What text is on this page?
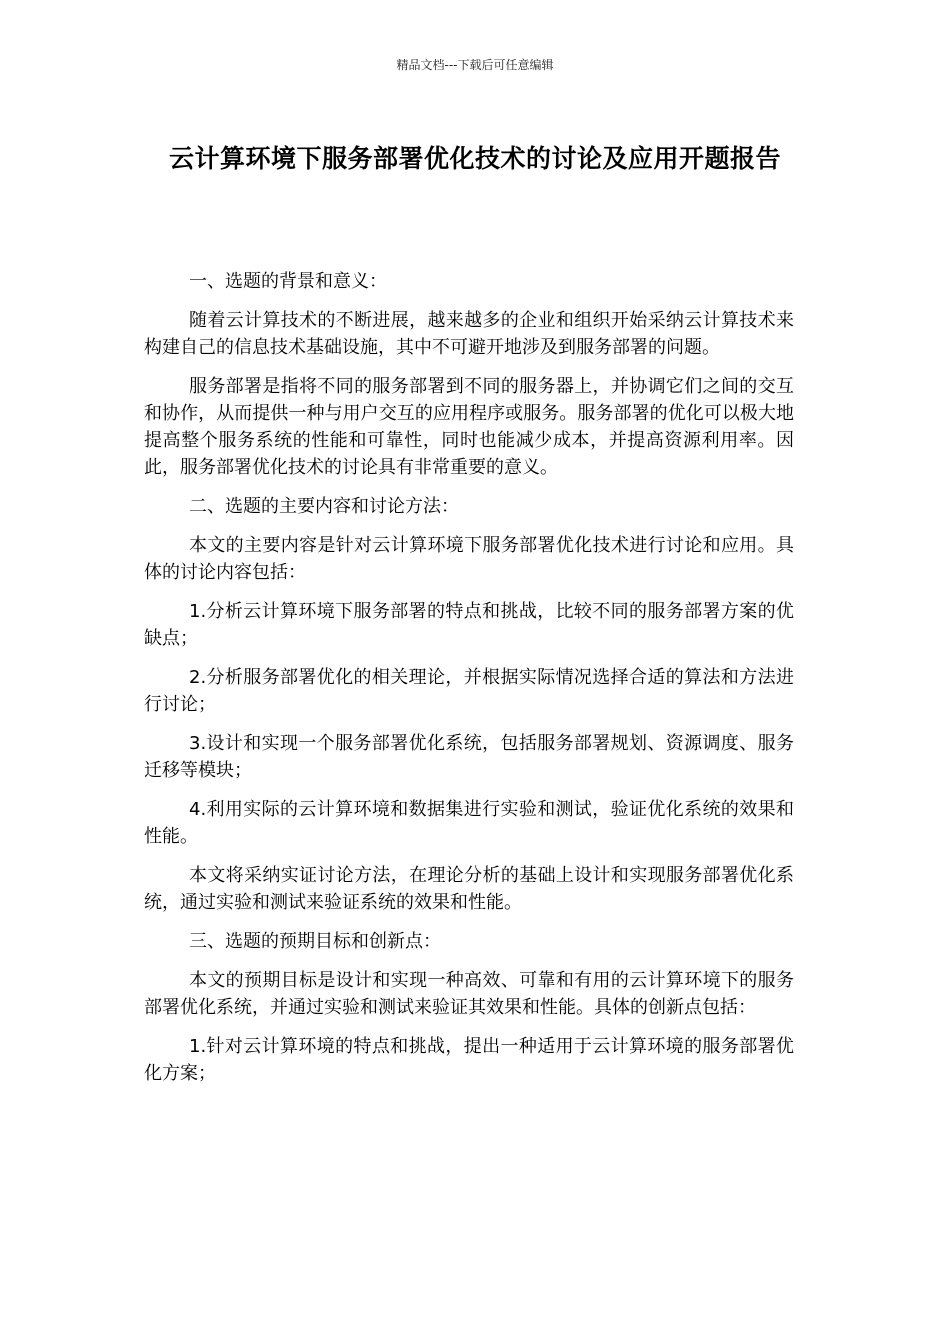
精品文档---下载后可任意编辑
云计算环境下服务部署优化技术的讨论及应用开题报告

一、选题的背景和意义：

随着云计算技术的不断进展，越来越多的企业和组织开始采纳云计算技术来构建自己的信息技术基础设施，其中不可避开地涉及到服务部署的问题。

服务部署是指将不同的服务部署到不同的服务器上，并协调它们之间的交互和协作，从而提供一种与用户交互的应用程序或服务。服务部署的优化可以极大地提高整个服务系统的性能和可靠性，同时也能减少成本，并提高资源利用率。因此，服务部署优化技术的讨论具有非常重要的意义。

二、选题的主要内容和讨论方法：

本文的主要内容是针对云计算环境下服务部署优化技术进行讨论和应用。具体的讨论内容包括：

1.分析云计算环境下服务部署的特点和挑战，比较不同的服务部署方案的优缺点；

2.分析服务部署优化的相关理论，并根据实际情况选择合适的算法和方法进行讨论；

3.设计和实现一个服务部署优化系统，包括服务部署规划、资源调度、服务迁移等模块；

4.利用实际的云计算环境和数据集进行实验和测试，验证优化系统的效果和性能。

本文将采纳实证讨论方法，在理论分析的基础上设计和实现服务部署优化系统，通过实验和测试来验证系统的效果和性能。

三、选题的预期目标和创新点：

本文的预期目标是设计和实现一种高效、可靠和有用的云计算环境下的服务部署优化系统，并通过实验和测试来验证其效果和性能。具体的创新点包括：

1.针对云计算环境的特点和挑战，提出一种适用于云计算环境的服务部署优化方案；
